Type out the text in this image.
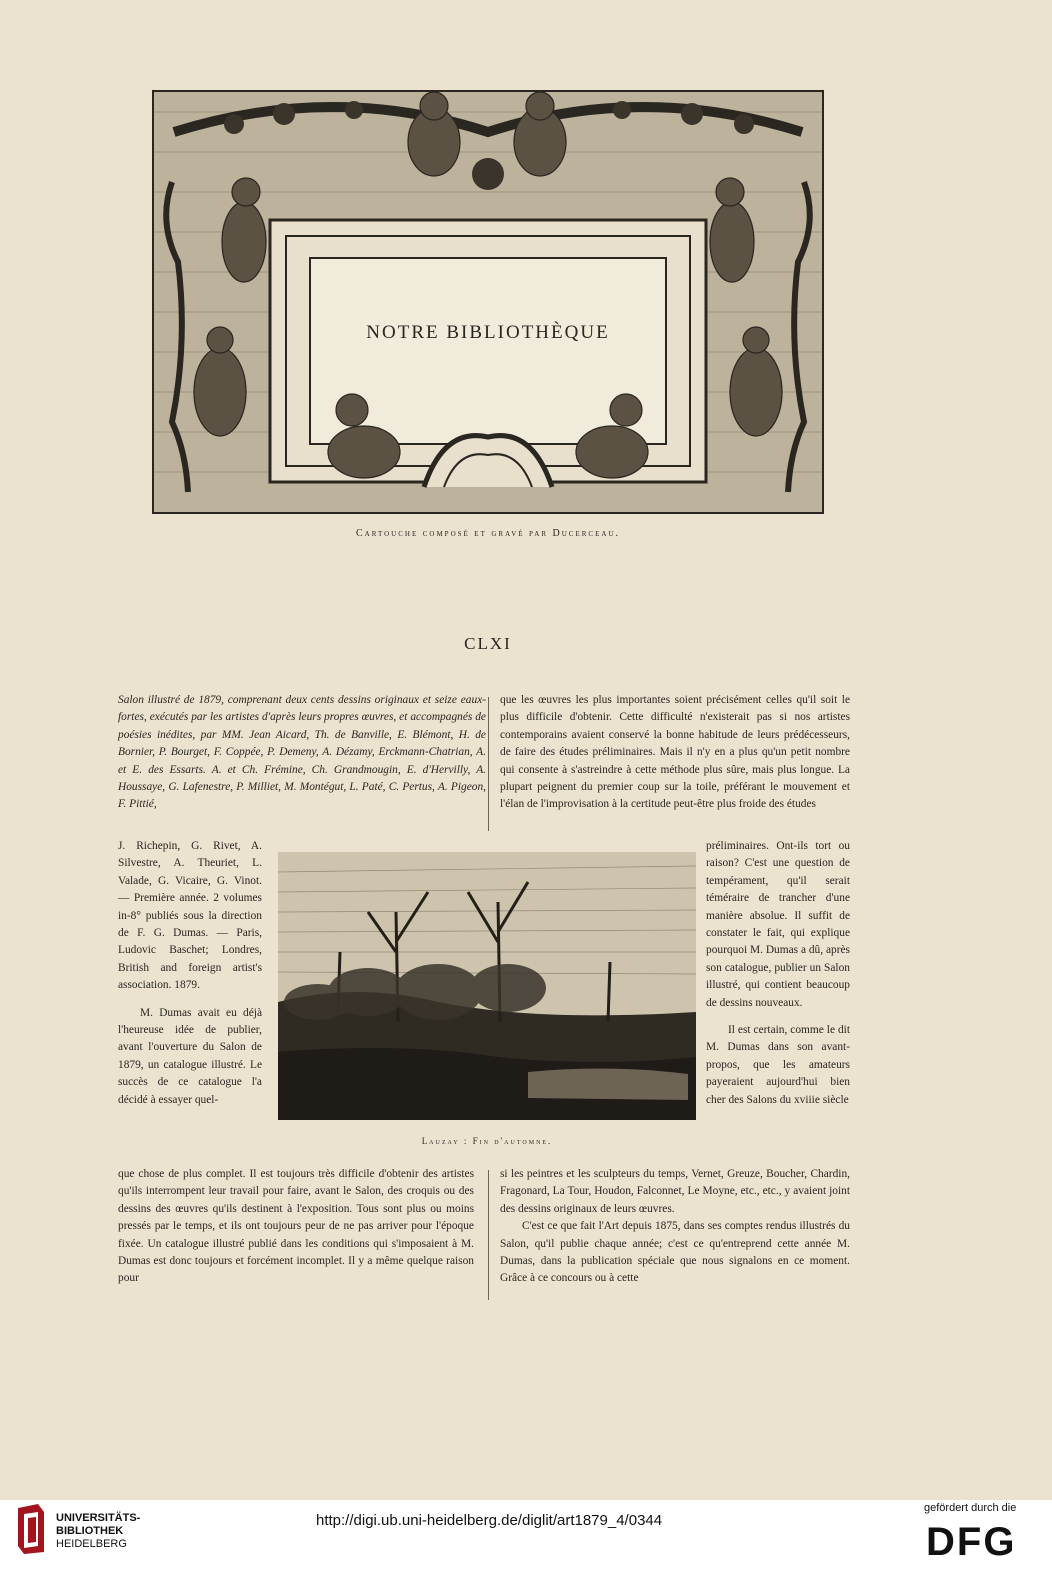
NOTRE BIBLIOTHÈQUE
Cartouche composé et gravé par Ducerceau.
CLXI

Salon illustré de 1879, comprenant deux cents dessins originaux et seize eaux-fortes, exécutés par les artistes d'après leurs propres œuvres, et accompagnés de poésies inédites, par MM. Jean Aicard, Th. de Banville, E. Blémont, H. de Bornier, P. Bourget, F. Coppée, P. Demeny, A. Dézamy, Erckmann-Chatrian, A. et E. des Essarts. A. et Ch. Frémine, Ch. Grandmougin, E. d'Hervilly, A. Houssaye, G. Lafenestre, P. Milliet, M. Montégut, L. Paté, C. Pertus, A. Pigeon, F. Pittié,

que les œuvres les plus importantes soient précisément celles qu'il soit le plus difficile d'obtenir. Cette difficulté n'existerait pas si nos artistes contemporains avaient conservé la bonne habitude de leurs prédécesseurs, de faire des études préliminaires. Mais il n'y en a plus qu'un petit nombre qui consente à s'astreindre à cette méthode plus sûre, mais plus longue. La plupart peignent du premier coup sur la toile, préférant le mouvement et l'élan de l'improvisation à la certitude peut-être plus froide des études

J. Richepin, G. Rivet, A. Silvestre, A. Theuriet, L. Valade, G. Vicaire, G. Vinot. — Première année. 2 volumes in-8° publiés sous la direction de F. G. Dumas. — Paris, Ludovic Baschet; Londres, British and foreign artist's association. 1879.

M. Dumas avait eu déjà l'heureuse idée de publier, avant l'ouverture du Salon de 1879, un catalogue illustré. Le succès de ce catalogue l'a décidé à essayer quel-

Lauzay : Fin d'automne.

préliminaires. Ont-ils tort ou raison? C'est une question de tempérament, qu'il serait téméraire de trancher d'une manière absolue. Il suffit de constater le fait, qui explique pourquoi M. Dumas a dû, après son catalogue, publier un Salon illustré, qui contient beaucoup de dessins nouveaux.

Il est certain, comme le dit M. Dumas dans son avant-propos, que les amateurs payeraient aujourd'hui bien cher des Salons du xviiie siècle

que chose de plus complet. Il est toujours très difficile d'obtenir des artistes qu'ils interrompent leur travail pour faire, avant le Salon, des croquis ou des dessins des œuvres qu'ils destinent à l'exposition. Tous sont plus ou moins pressés par le temps, et ils ont toujours peur de ne pas arriver pour l'époque fixée. Un catalogue illustré publié dans les conditions qui s'imposaient à M. Dumas est donc toujours et forcément incomplet. Il y a même quelque raison pour

si les peintres et les sculpteurs du temps, Vernet, Greuze, Boucher, Chardin, Fragonard, La Tour, Houdon, Falconnet, Le Moyne, etc., etc., y avaient joint des dessins originaux de leurs œuvres.

C'est ce que fait l'Art depuis 1875, dans ses comptes rendus illustrés du Salon, qu'il publie chaque année; c'est ce qu'entreprend cette année M. Dumas, dans la publication spéciale que nous signalons en ce moment. Grâce à ce concours ou à cette

UNIVERSITÄTS-
BIBLIOTHEK
HEIDELBERG
http://digi.ub.uni-heidelberg.de/diglit/art1879_4/0344
gefördert durch die
DFG
